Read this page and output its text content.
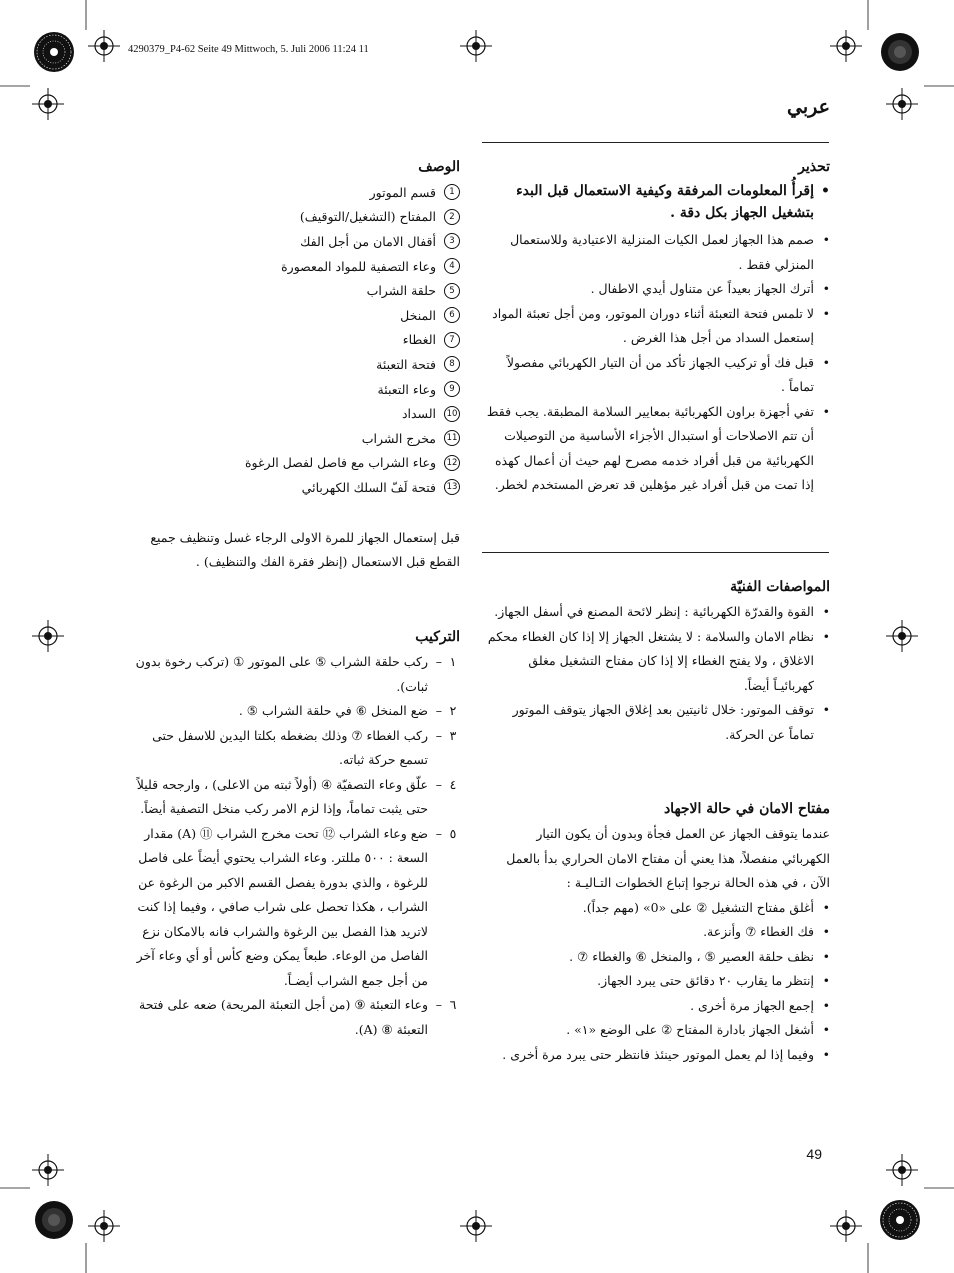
4290379_P4-62 Seite 49 Mittwoch, 5. Juli 2006 11:24 11
عربي
تحذير
•
إقرأُ المعلومات المرفقة وكيفية الاستعمال قبل البدء بتشغيل الجهاز بكل دقة .
•
صمم هذا الجهاز لعمل الكيات المنزلية الاعتيادية وللاستعمال المنزلي فقط .
•
أترك الجهاز بعيداً عن متناول أيدي الاطفال .
•
لا تلمس فتحة التعبئة أثناء دوران الموتور، ومن أجل تعبئة المواد إستعمل السداد من أجل هذا الغرض .
•
قبل فك أو تركيب الجهاز تأكد من أن التيار الكهربائي مفصولاً تماماً .
•
تفي أجهزة براون الكهربائية بمعايير السلامة المطبقة. يجب فقط أن تتم الاصلاحات أو استبدال الأجزاء الأساسية من التوصيلات الكهربائية من قبل أفراد خدمه مصرح لهم حيث أن أعمال كهذه إذا تمت من قبل أفراد غير مؤهلين قد تعرض المستخدم لخطر.
المواصفات الفنيّة
•
القوة والقدرّة الكهربائية : إنظر لائحة المصنع في أسفل الجهاز.
•
نظام الامان والسلامة : لا يشتغل الجهاز إلا إذا كان الغطاء محكم الاغلاق ، ولا يفتح الغطاء إلا إذا كان مفتاح التشغيل مغلق كهربائيـاً أيضاً.
•
توقف الموتور: خلال ثانيتين بعد إغلاق الجهاز يتوقف الموتور تماماً عن الحركة.
مفتاح الامان في حالة الاجهاد
عندما يتوقف الجهاز عن العمل فجأة وبدون أن يكون التيار الكهربائي منفصلاً، هذا يعني أن مفتاح الامان الحراري بدأ بالعمل الآن ، في هذه الحالة نرجوا إتباع الخطوات التـاليـة :
•
أغلق مفتاح التشغيل ② على «0» (مهم جداً).
•
فك الغطاء ⑦ وأنزعة.
•
نظف حلقة العصير ⑤ ، والمنخل ⑥ والغطاء ⑦ .
•
إنتظر ما يقارب ٢٠ دقائق حتى يبرد الجهاز.
•
إجمع الجهاز مرة أخرى .
•
أشغل الجهاز بادارة المفتاح ② على الوضع «١» .
•
وفيما إذا لم يعمل الموتور حينئذ فانتظر حتى يبرد مرة أخرى .
الوصف
1
قسم الموتور
2
المفتاح (التشغيل/التوقيف)
3
أقفال الامان من أجل الفك
4
وعاء التصفية للمواد المعصورة
5
حلقة الشراب
6
المنخل
7
الغطاء
8
فتحة التعبئة
9
وعاء التعبئة
10
السداد
11
مخرج الشراب
12
وعاء الشراب مع فاصل لفصل الرغوة
13
فتحة لَفّ السلك الكهربائي
قبل إستعمال الجهاز للمرة الاولى الرجاء غسل وتنظيف جميع القطع قبل الاستعمال (إنظر فقرة الفك والتنظيف) .
التركيب
١
–
ركب حلقة الشراب ⑤ على الموتور ① (تركب رخوة بدون ثبات).
٢
–
ضع المنخل ⑥ في حلقة الشراب ⑤ .
٣
–
ركب الغطاء ⑦ وذلك بضغطه بكلتا اليدين للاسفل حتى تسمع حركة ثباته.
٤
–
علّق وعاء التصفيّة ④ (أولاً ثبته من الاعلى) ، وارجحه قليلاً حتى يثبت تماماً، وإذا لزم الامر ركب منخل التصفية أيضاً.
٥
–
ضع وعاء الشراب ⑫ تحت مخرج الشراب ⑪ (A) مقدار السعة : ٥٠٠ مللتر. وعاء الشراب يحتوي أيضاً على فاصل للرغوة ، والذي بدورة يفصل القسم الاكبر من الرغوة عن الشراب ، هكذا تحصل على شراب صافي ، وفيما إذا كنت لاتريد هذا الفصل بين الرغوة والشراب فانه بالامكان نزع الفاصل من الوعاء. طبعاً يمكن وضع كأس أو أي وعاء آخر من أجل جمع الشراب أيضـاً.
٦
–
وعاء التعبئة ⑨ (من أجل التعبئة المريحة) ضعه على فتحة التعبئة ⑧ (A).
49
